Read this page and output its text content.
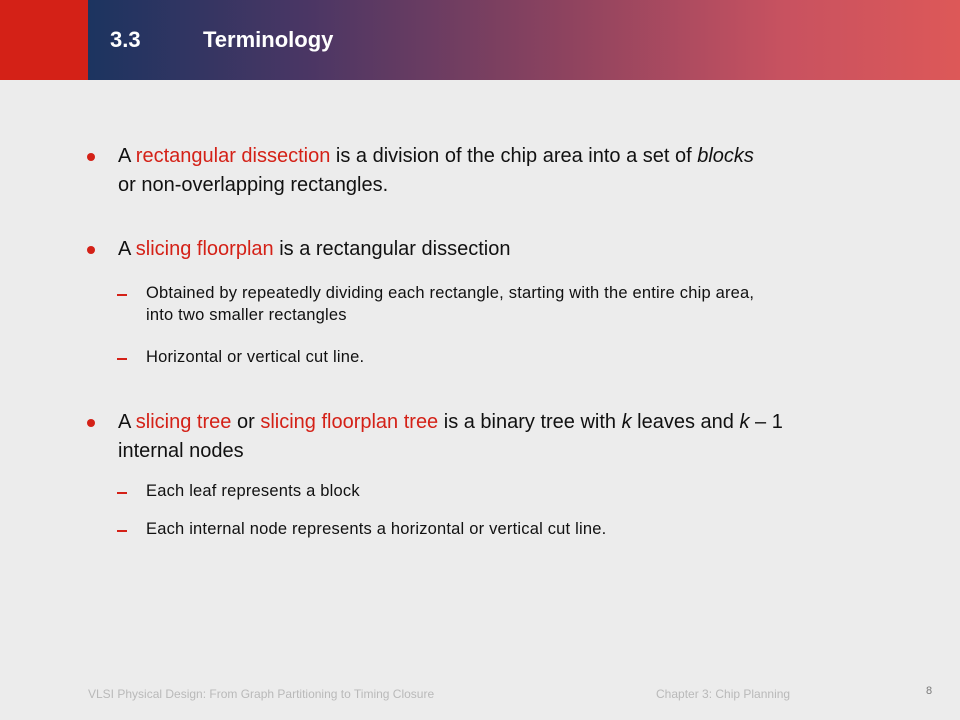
3.3	Terminology
A rectangular dissection is a division of the chip area into a set of blocks
or non-overlapping rectangles.
A slicing floorplan is a rectangular dissection
Obtained by repeatedly dividing each rectangle, starting with the entire chip area,
into two smaller rectangles
Horizontal or vertical cut line.
A slicing tree or slicing floorplan tree is a binary tree with k leaves and k – 1
internal nodes
Each leaf represents a block
Each internal node represents a horizontal or vertical cut line.
VLSI Physical Design: From Graph Partitioning to Timing Closure	Chapter 3: Chip Planning	8
